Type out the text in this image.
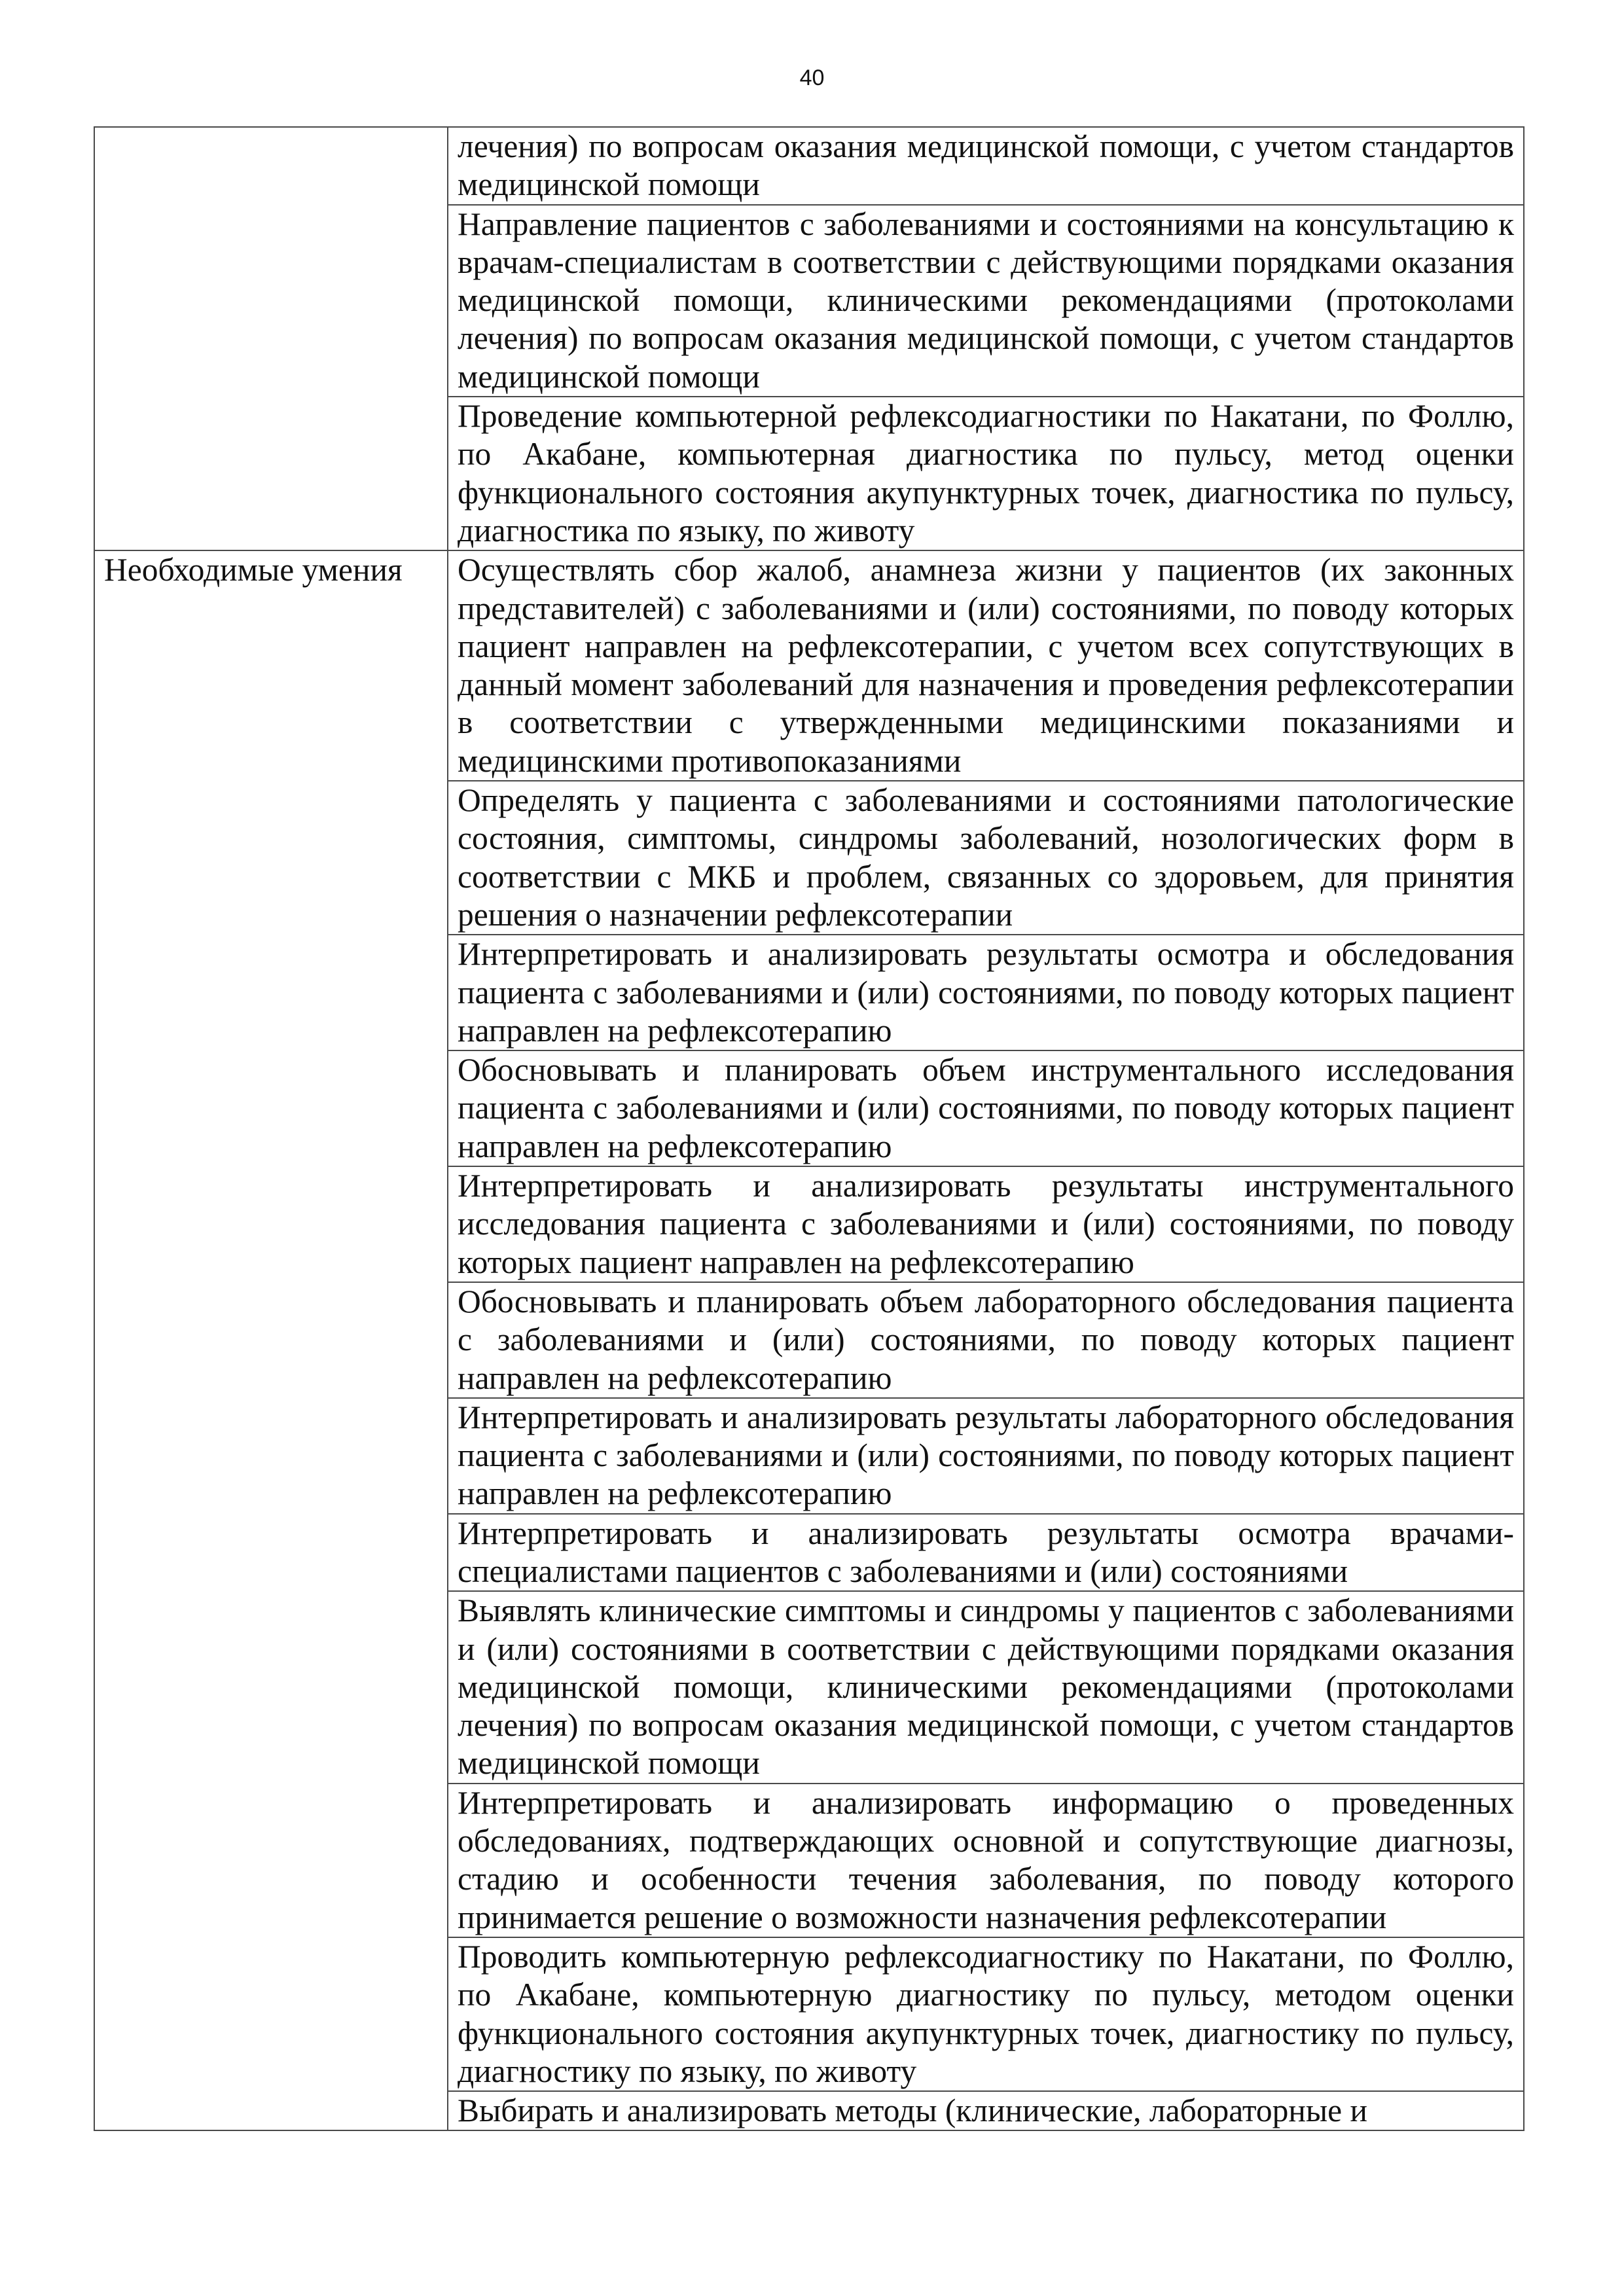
40
	лечения) по вопросам оказания медицинской помощи, с учетом стандартов медицинской помощи
	Направление пациентов с заболеваниями и состояниями на консультацию к врачам-специалистам в соответствии с действующими порядками оказания медицинской помощи, клиническими рекомендациями (протоколами лечения) по вопросам оказания медицинской помощи, с учетом стандартов медицинской помощи
	Проведение компьютерной рефлексодиагностики по Накатани, по Фоллю, по Акабане, компьютерная диагностика по пульсу, метод оценки функционального состояния акупунктурных точек, диагностика по пульсу, диагностика по языку, по животу

Необходимые умения	Осуществлять сбор жалоб, анамнеза жизни у пациентов (их законных представителей) с заболеваниями и (или) состояниями, по поводу которых пациент направлен на рефлексотерапии, с учетом всех сопутствующих в данный момент заболеваний для назначения и проведения рефлексотерапии в соответствии с утвержденными медицинскими показаниями и медицинскими противопоказаниями
	Определять у пациента с заболеваниями и состояниями патологические состояния, симптомы, синдромы заболеваний, нозологических форм в соответствии с МКБ и проблем, связанных со здоровьем, для принятия решения о назначении рефлексотерапии
	Интерпретировать и анализировать результаты осмотра и обследования пациента с заболеваниями и (или) состояниями, по поводу которых пациент направлен на рефлексотерапию
	Обосновывать и планировать объем инструментального исследования пациента с заболеваниями и (или) состояниями, по поводу которых пациент направлен на рефлексотерапию
	Интерпретировать и анализировать результаты инструментального исследования пациента с заболеваниями и (или) состояниями, по поводу которых пациент направлен на рефлексотерапию
	Обосновывать и планировать объем лабораторного обследования пациента с заболеваниями и (или) состояниями, по поводу которых пациент направлен на рефлексотерапию
	Интерпретировать и анализировать результаты лабораторного обследования пациента с заболеваниями и (или) состояниями, по поводу которых пациент направлен на рефлексотерапию
	Интерпретировать и анализировать результаты осмотра врачами-специалистами пациентов с заболеваниями и (или) состояниями
	Выявлять клинические симптомы и синдромы у пациентов с заболеваниями и (или) состояниями в соответствии с действующими порядками оказания медицинской помощи, клиническими рекомендациями (протоколами лечения) по вопросам оказания медицинской помощи, с учетом стандартов медицинской помощи
	Интерпретировать и анализировать информацию о проведенных обследованиях, подтверждающих основной и сопутствующие диагнозы, стадию и особенности течения заболевания, по поводу которого принимается решение о возможности назначения рефлексотерапии
	Проводить компьютерную рефлексодиагностику по Накатани, по Фоллю, по Акабане, компьютерную диагностику по пульсу, методом оценки функционального состояния акупунктурных точек, диагностику по пульсу, диагностику по языку, по животу
	Выбирать и анализировать методы (клинические, лабораторные и
